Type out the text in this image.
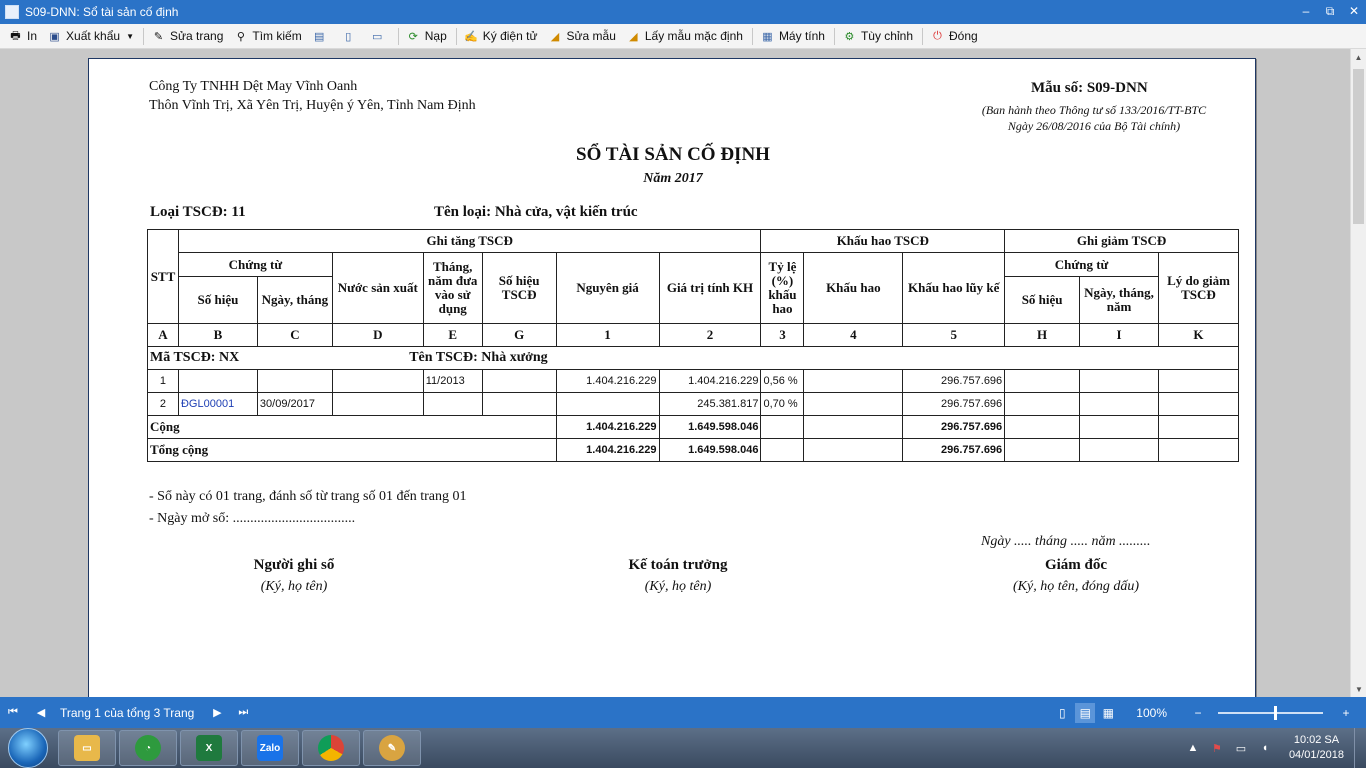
S09-DNN: Sổ tài sản cố định	–	⧉	✕
🖶 In ▣ Xuất khẩu ▼ ✎ Sửa trang	⚲ Tìm kiếm ▤	▯	▭ ⟳ Nạp ✍ Ký điện tử ◢ Sửa mẫu ◢ Lấy mẫu mặc định ▦ Máy tính ⚙ Tùy chỉnh ⏻ Đóng
Công Ty TNHH Dệt May Vĩnh Oanh
Thôn Vĩnh Trị, Xã Yên Trị, Huyện ý Yên, Tỉnh Nam Định
Mẫu số: S09-DNN
(Ban hành theo Thông tư số 133/2016/TT-BTC
Ngày 26/08/2016 của Bộ Tài chính)
SỔ TÀI SẢN CỐ ĐỊNH
Năm 2017
Loại TSCĐ: 11	Tên loại: Nhà cửa, vật kiến trúc
STT	Ghi tăng TSCĐ							Khấu hao TSCĐ			Ghi giảm TSCĐ		
	Chứng từ		Nước sản xuất	Tháng, năm đưa vào sử dụng	Số hiệu TSCĐ	Nguyên giá	Giá trị tính KH	Tỷ lệ (%) khấu hao	Khấu hao	Khấu hao lũy kế	Chứng từ		Lý do giảm TSCĐ
	Số hiệu	Ngày, tháng									Số hiệu	Ngày, tháng, năm	
A	B	C	D	E	G	1	2	3	4	5	H	I	K
Mã TSCĐ: NX Tên TSCĐ: Nhà xưởng													
1				11/2013		1.404.216.229	1.404.216.229	0,56 %		296.757.696			
2	ĐGL00001	30/09/2017					245.381.817	0,70 %		296.757.696			
Cộng						1.404.216.229	1.649.598.046			296.757.696			
Tổng cộng						1.404.216.229	1.649.598.046			296.757.696			
- Sổ này có 01 trang, đánh số từ trang số 01 đến trang 01
- Ngày mở sổ: ...................................
Ngày ..... tháng ..... năm .........
Người ghi sổ
(Ký, họ tên)
Kế toán trưởng
(Ký, họ tên)
Giám đốc
(Ký, họ tên, đóng dấu)
▲
▼
⏮ ◀ Trang 1 của tổng 3 Trang ▶ ⏭	▯	▤ ▦	100%	−	+
▭	◔	X	Zalo	✎	▲ ⚑ ▭	◖
10:02 SA
04/01/2018
